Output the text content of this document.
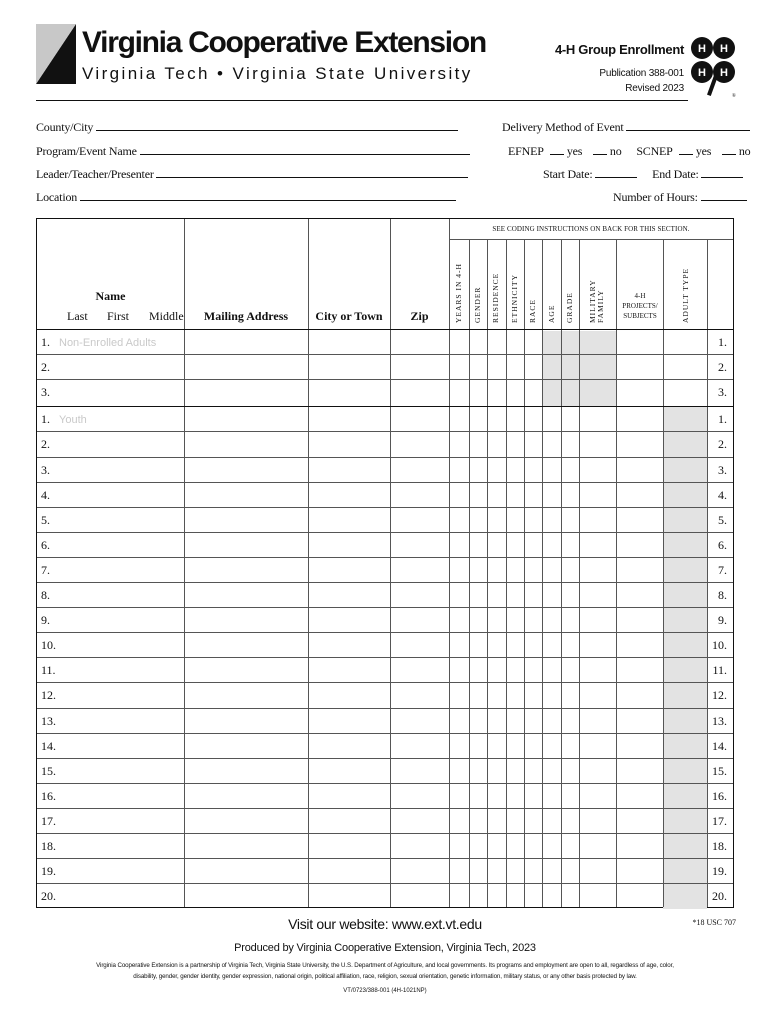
Virginia Cooperative Extension
Virginia Tech • Virginia State University
4-H Group Enrollment
Publication 388-001
Revised 2023
H H
H H
®
County/City
Program/Event Name
Leader/Teacher/Presenter
Location
Delivery Method of Event
EFNEP yes no SCNEP yes no
Start Date:	End Date:
Number of Hours:
SEE CODING INSTRUCTIONS ON BACK FOR THIS SECTION.
Name
Last First Middle	Mailing Address	City or Town	Zip	YEARS IN 4-H GENDER RESIDENCE ETHNICITY RACE AGE GRADE MILITARY FAMILY	4-H PROJECTS/ SUBJECTS	ADULT TYPE
1. Non-Enrolled Adults	1.
2.	2.
3.	3.
1. Youth	1.
2.	2.
3.	3.
4.	4.
5.	5.
6.	6.
7.	7.
8.	8.
9.	9.
10.	10.
11.	11.
12.	12.
13.	13.
14.	14.
15.	15.
16.	16.
17.	17.
18.	18.
19.	19.
20.	20.
Visit our website: www.ext.vt.edu	*18 USC 707
Produced by Virginia Cooperative Extension, Virginia Tech, 2023
Virginia Cooperative Extension is a partnership of Virginia Tech, Virginia State University, the U.S. Department of Agriculture, and local governments. Its programs and employment are open to all, regardless of age, color, disability, gender, gender identity, gender expression, national origin, political affiliation, race, religion, sexual orientation, genetic information, military status, or any other basis protected by law.
VT/0723/388-001 (4H-1021NP)
